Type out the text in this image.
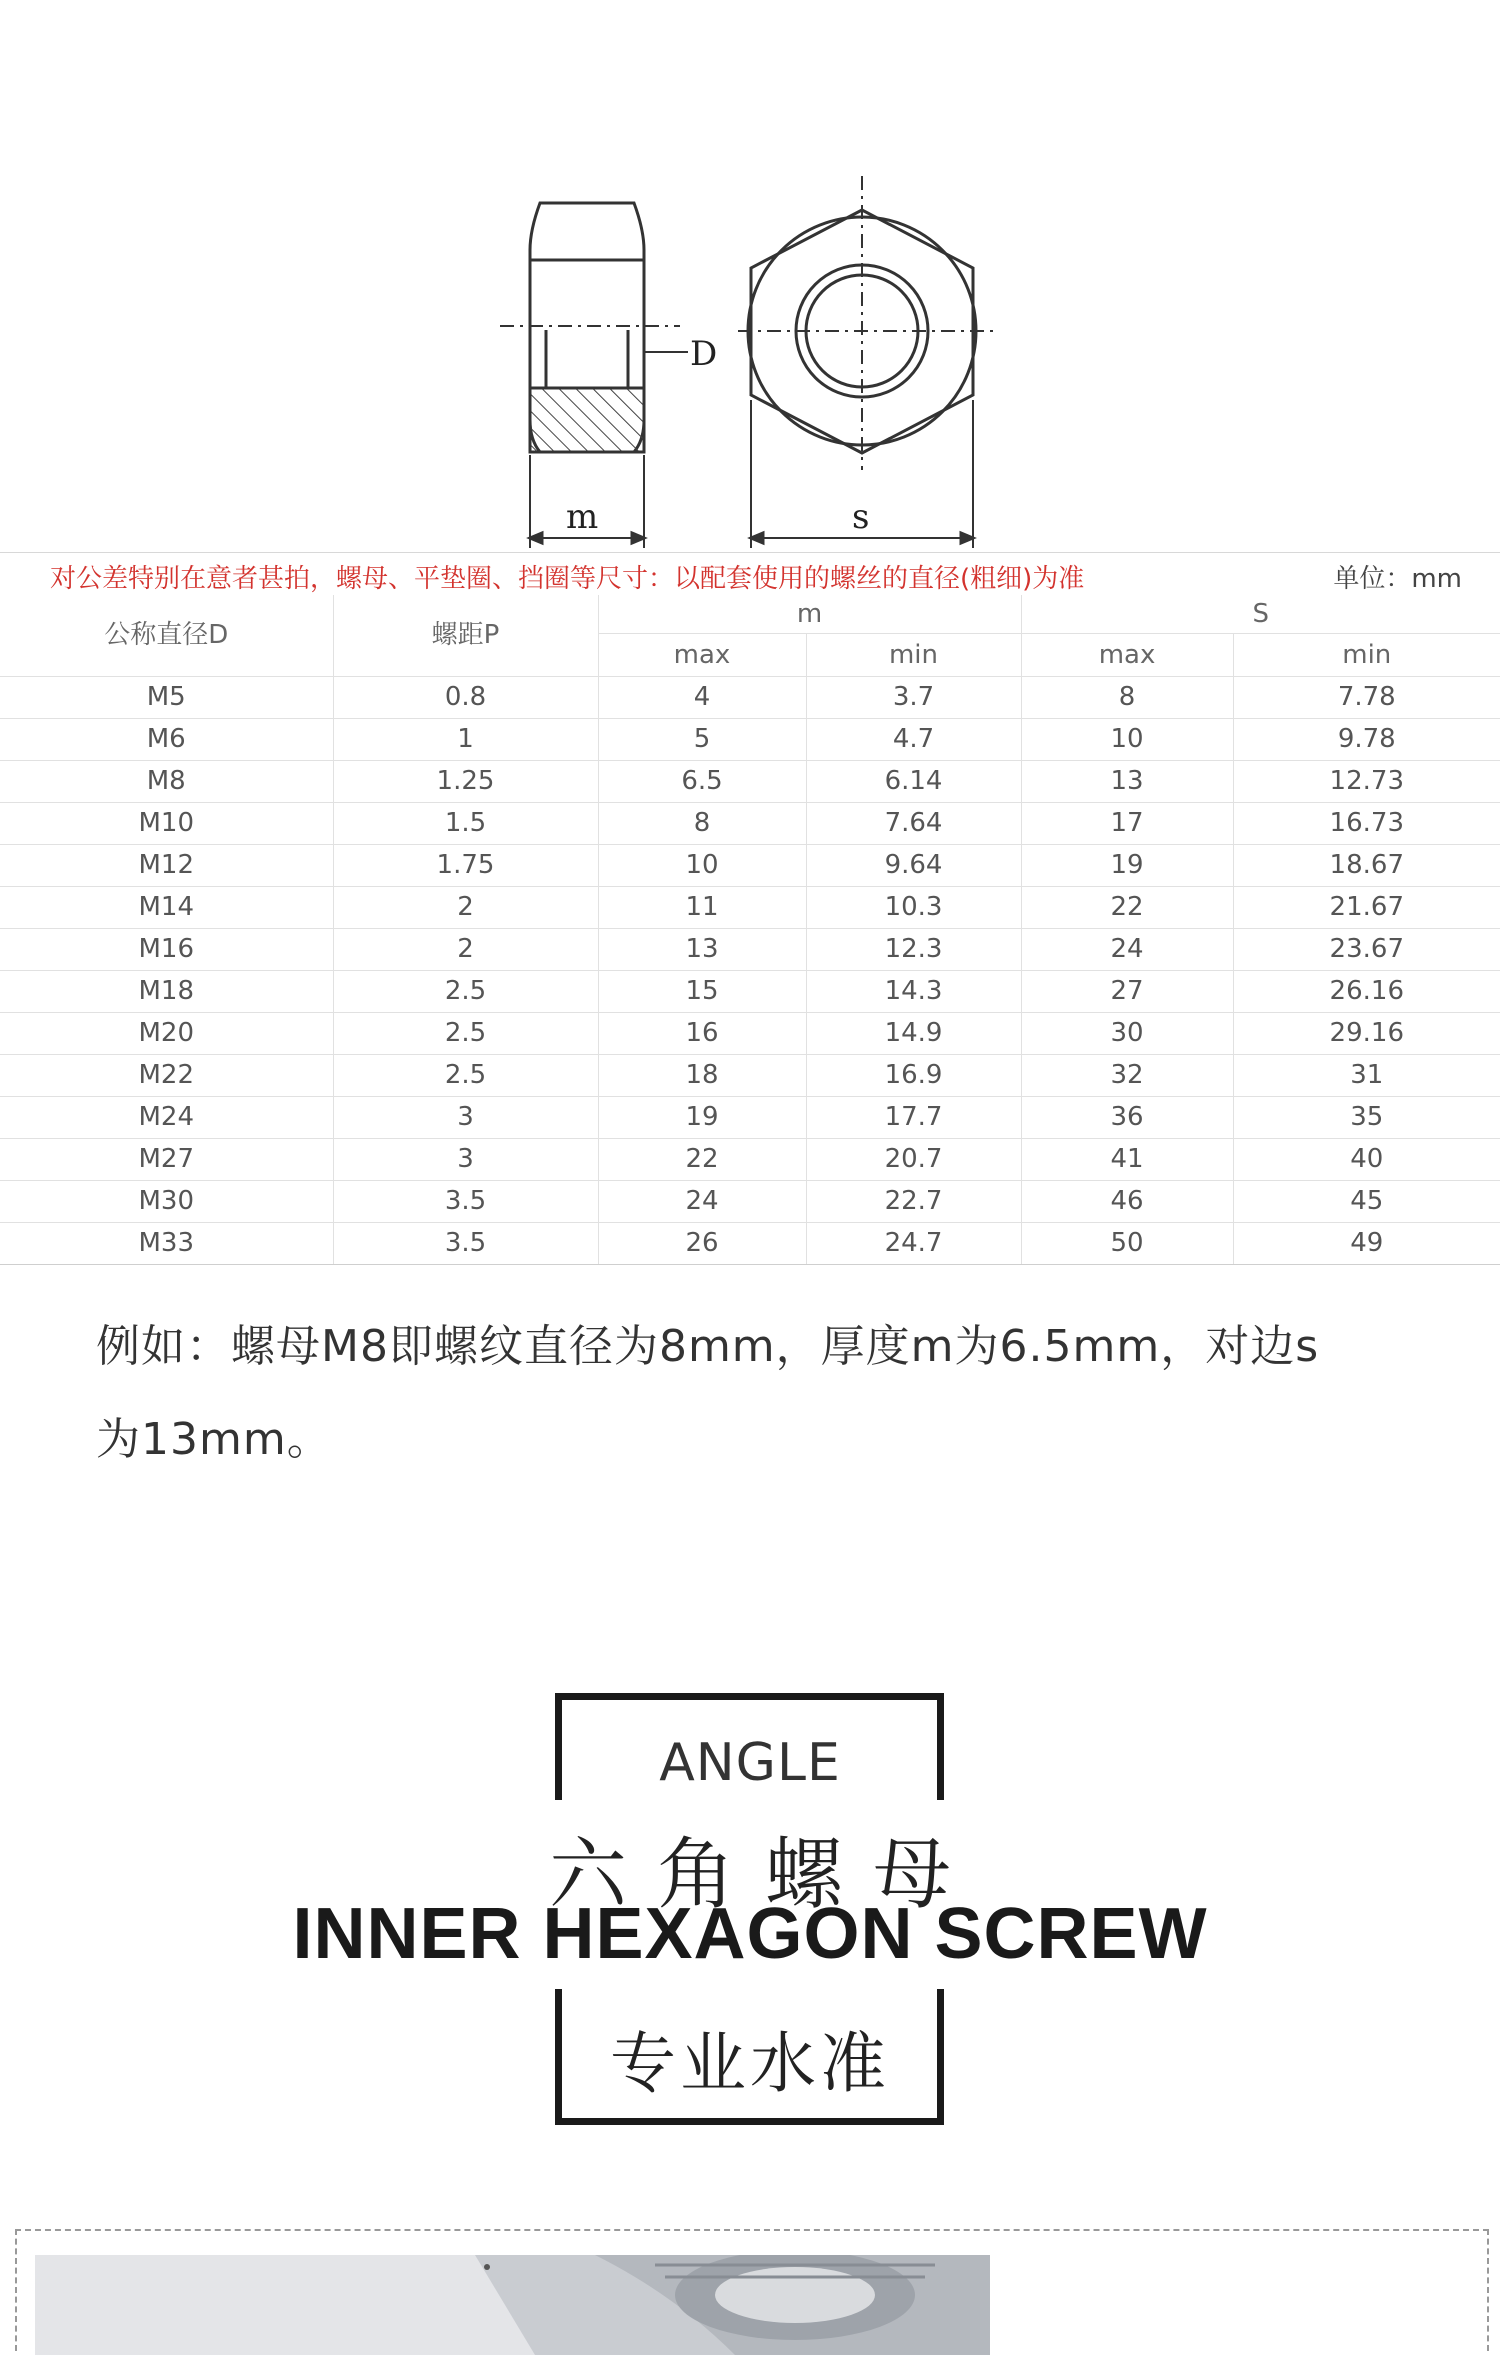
D
m	s
对公差特别在意者甚拍，螺母、平垫圈、挡圈等尺寸：以配套使用的螺丝的直径(粗细)为准	单位：mm
公称直径D	螺距P	m		S	
		max	min	max	min
M5	0.8	4	3.7	8	7.78
M6	1	5	4.7	10	9.78
M8	1.25	6.5	6.14	13	12.73
M10	1.5	8	7.64	17	16.73
M12	1.75	10	9.64	19	18.67
M14	2	11	10.3	22	21.67
M16	2	13	12.3	24	23.67
M18	2.5	15	14.3	27	26.16
M20	2.5	16	14.9	30	29.16
M22	2.5	18	16.9	32	31
M24	3	19	17.7	36	35
M27	3	22	20.7	41	40
M30	3.5	24	22.7	46	45
M33	3.5	26	24.7	50	49
例如：螺母M8即螺纹直径为8mm，厚度m为6.5mm，对边s
为13mm。
ANGLE
六角螺母
INNER HEXAGON SCREW
专业水准
